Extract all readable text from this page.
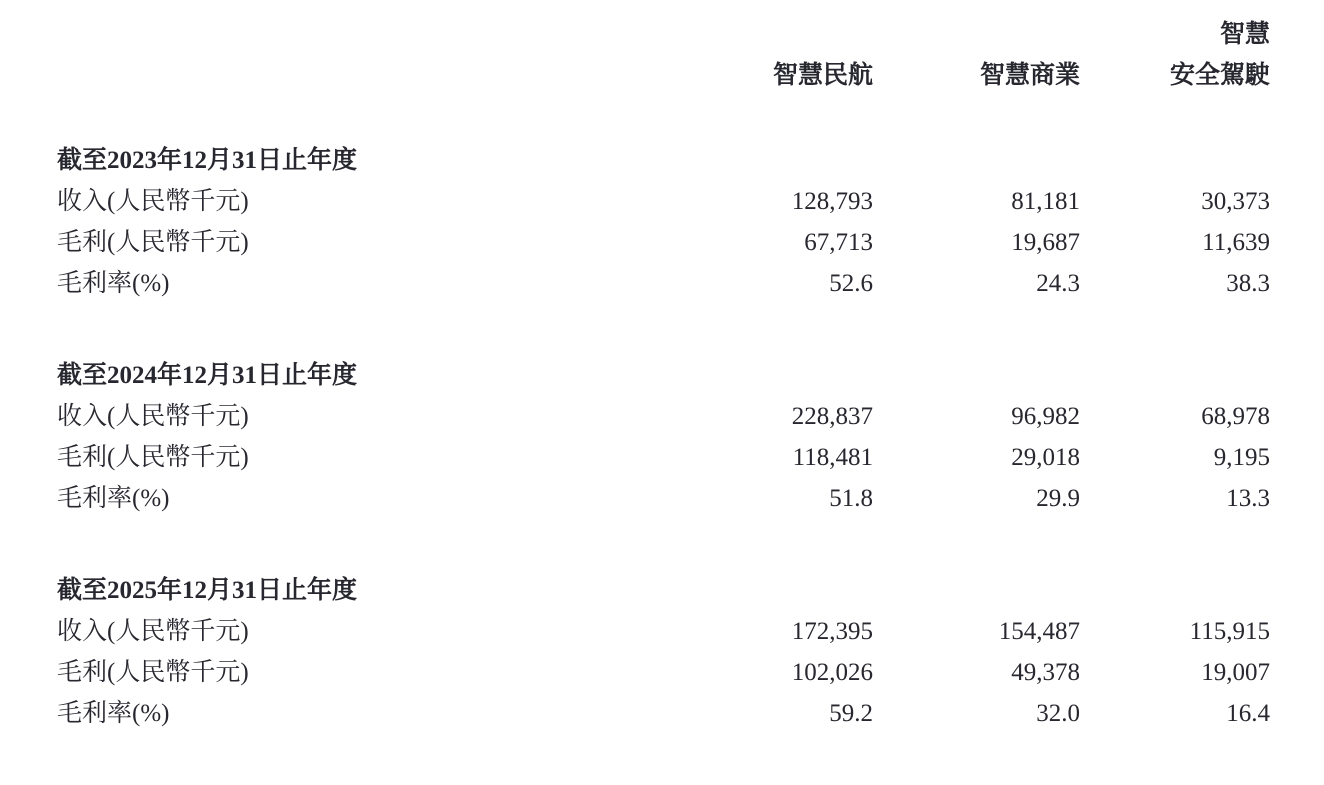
			智慧
	智慧民航	智慧商業	安全駕駛

截至2023年12月31日止年度			
收入(人民幣千元)	128,793	81,181	30,373
毛利(人民幣千元)	67,713	19,687	11,639
毛利率(%)	52.6	24.3	38.3

截至2024年12月31日止年度			
收入(人民幣千元)	228,837	96,982	68,978
毛利(人民幣千元)	118,481	29,018	9,195
毛利率(%)	51.8	29.9	13.3

截至2025年12月31日止年度			
收入(人民幣千元)	172,395	154,487	115,915
毛利(人民幣千元)	102,026	49,378	19,007
毛利率(%)	59.2	32.0	16.4
